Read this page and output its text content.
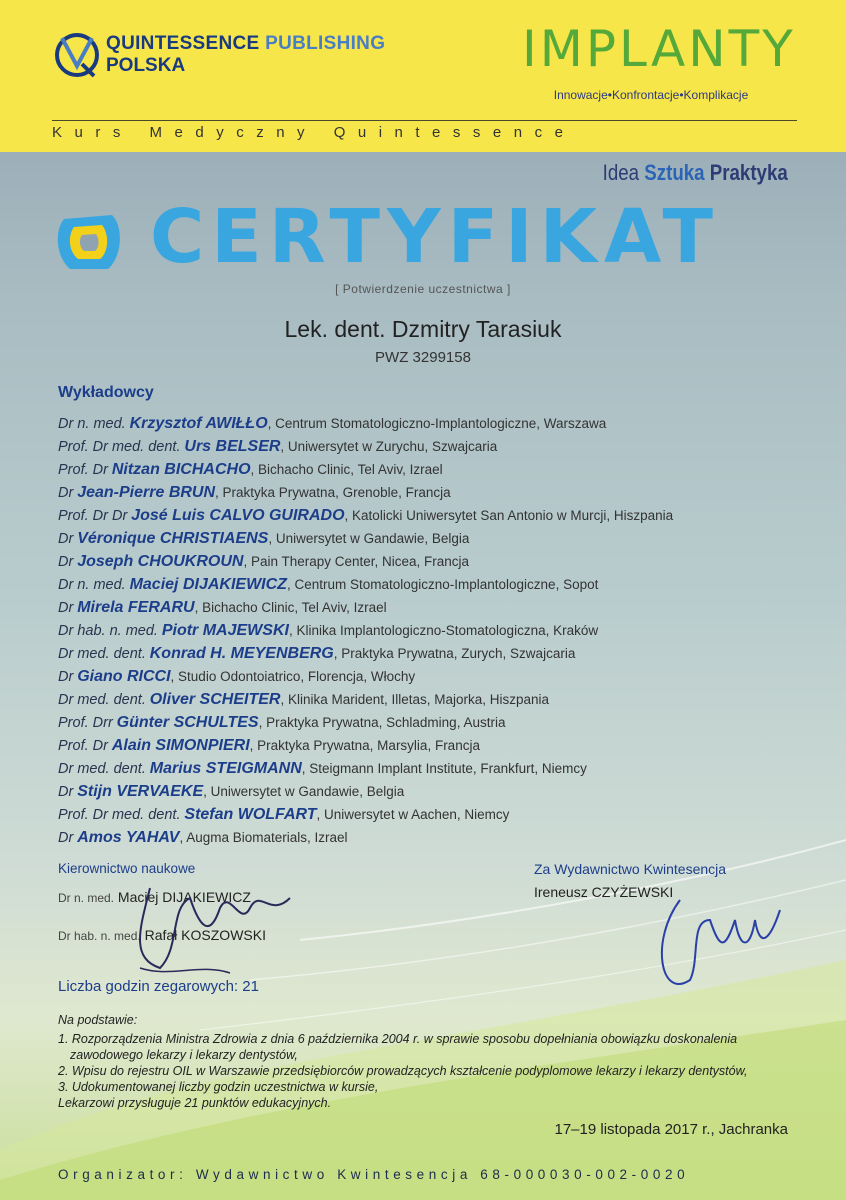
QUINTESSENCE PUBLISHING
POLSKA	IMPLANTY
Innowacje•Konfrontacje•Komplikacje
Kurs Medyczny Quintessence
Idea Sztuka Praktyka
CERTYFIKAT
[ Potwierdzenie uczestnictwa ]
Lek. dent. Dzmitry Tarasiuk
PWZ 3299158
Wykładowcy
Dr n. med. Krzysztof AWIŁŁO, Centrum Stomatologiczno-Implantologiczne, Warszawa
Prof. Dr med. dent. Urs BELSER, Uniwersytet w Zurychu, Szwajcaria
Prof. Dr Nitzan BICHACHO, Bichacho Clinic, Tel Aviv, Izrael
Dr Jean-Pierre BRUN, Praktyka Prywatna, Grenoble, Francja
Prof. Dr Dr José Luis CALVO GUIRADO, Katolicki Uniwersytet San Antonio w Murcji, Hiszpania
Dr Véronique CHRISTIAENS, Uniwersytet w Gandawie, Belgia
Dr Joseph CHOUKROUN, Pain Therapy Center, Nicea, Francja
Dr n. med. Maciej DIJAKIEWICZ, Centrum Stomatologiczno-Implantologiczne, Sopot
Dr Mirela FERARU, Bichacho Clinic, Tel Aviv, Izrael
Dr hab. n. med. Piotr MAJEWSKI, Klinika Implantologiczno-Stomatologiczna, Kraków
Dr med. dent. Konrad H. MEYENBERG, Praktyka Prywatna, Zurych, Szwajcaria
Dr Giano RICCI, Studio Odontoiatrico, Florencja, Włochy
Dr med. dent. Oliver SCHEITER, Klinika Marident, Illetas, Majorka, Hiszpania
Prof. Drr Günter SCHULTES, Praktyka Prywatna, Schladming, Austria
Prof. Dr Alain SIMONPIERI, Praktyka Prywatna, Marsylia, Francja
Dr med. dent. Marius STEIGMANN, Steigmann Implant Institute, Frankfurt, Niemcy
Dr Stijn VERVAEKE, Uniwersytet w Gandawie, Belgia
Prof. Dr med. dent. Stefan WOLFART, Uniwersytet w Aachen, Niemcy
Dr Amos YAHAV, Augma Biomaterials, Izrael
Kierownictwo naukowe
Dr n. med. Maciej DIJAKIEWICZ
Dr hab. n. med. Rafał KOSZOWSKI
Za Wydawnictwo Kwintesencja
Ireneusz CZYŻEWSKI
Liczba godzin zegarowych: 21
Na podstawie:
1. Rozporządzenia Ministra Zdrowia z dnia 6 października 2004 r. w sprawie sposobu dopełniania obowiązku doskonalenia
zawodowego lekarzy i lekarzy dentystów,
2. Wpisu do rejestru OIL w Warszawie przedsiębiorców prowadzących kształcenie podyplomowe lekarzy i lekarzy dentystów,
3. Udokumentowanej liczby godzin uczestnictwa w kursie,
Lekarzowi przysługuje 21 punktów edukacyjnych.
17–19 listopada 2017 r., Jachranka
Organizator: Wydawnictwo Kwintesencja 68-000030-002-0020
